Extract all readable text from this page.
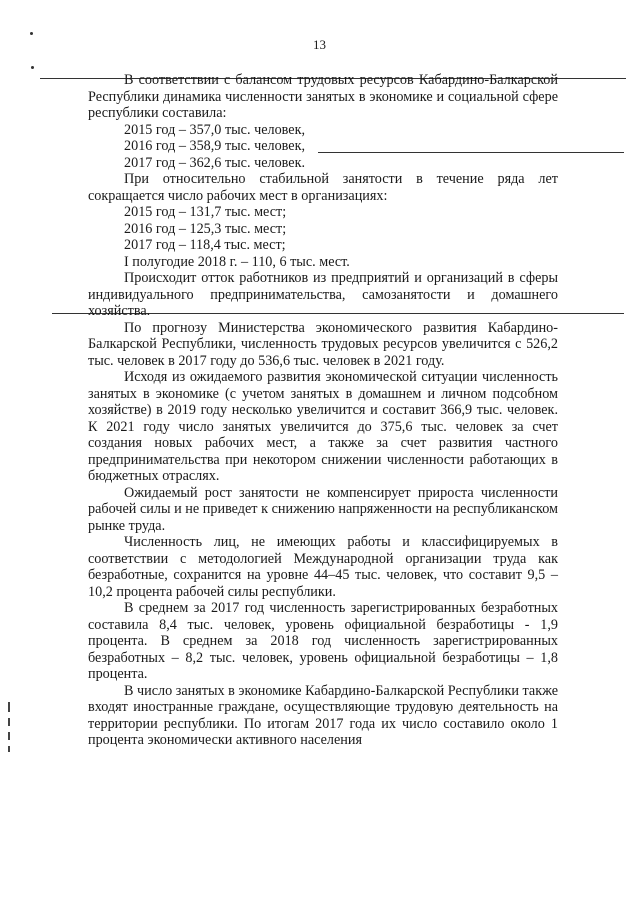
13

В соответствии с балансом трудовых ресурсов Кабардино-Балкарской Республики динамика численности занятых в экономике и социальной сфере республики составила:

2015 год – 357,0 тыс. человек,

2016 год – 358,9 тыс. человек,

2017 год – 362,6 тыс. человек.

При относительно стабильной занятости в течение ряда лет сокращается число рабочих мест в организациях:

2015 год – 131,7 тыс. мест;

2016 год – 125,3 тыс. мест;

2017 год – 118,4 тыс. мест;

I полугодие 2018 г. – 110, 6 тыс. мест.

Происходит отток работников из предприятий и организаций в сферы индивидуального предпринимательства, самозанятости и домашнего хозяйства.

По прогнозу Министерства экономического развития Кабардино-Балкарской Республики, численность трудовых ресурсов увеличится с 526,2 тыс. человек в 2017 году до 536,6 тыс. человек в 2021 году.

Исходя из ожидаемого развития экономической ситуации численность занятых в экономике (с учетом занятых в домашнем и личном подсобном хозяйстве) в 2019 году несколько увеличится и составит 366,9 тыс. человек. К 2021 году число занятых увеличится до 375,6 тыс. человек за счет создания новых рабочих мест, а также за счет развития частного предпринимательства при некотором снижении численности работающих в бюджетных отраслях.

Ожидаемый рост занятости не компенсирует прироста численности рабочей силы и не приведет к снижению напряженности на республиканском рынке труда.

Численность лиц, не имеющих работы и классифицируемых в соответствии с методологией Международной организации труда как безработные, сохранится на уровне 44–45 тыс. человек, что составит 9,5 – 10,2 процента рабочей силы республики.

В среднем за 2017 год численность зарегистрированных безработных составила 8,4 тыс. человек, уровень официальной безработицы - 1,9 процента. В среднем за 2018 год численность зарегистрированных безработных – 8,2 тыс. человек, уровень официальной безработицы – 1,8 процента.

В число занятых в экономике Кабардино-Балкарской Республики также входят иностранные граждане, осуществляющие трудовую деятельность на территории республики. По итогам 2017 года их число составило около 1 процента экономически активного населения
